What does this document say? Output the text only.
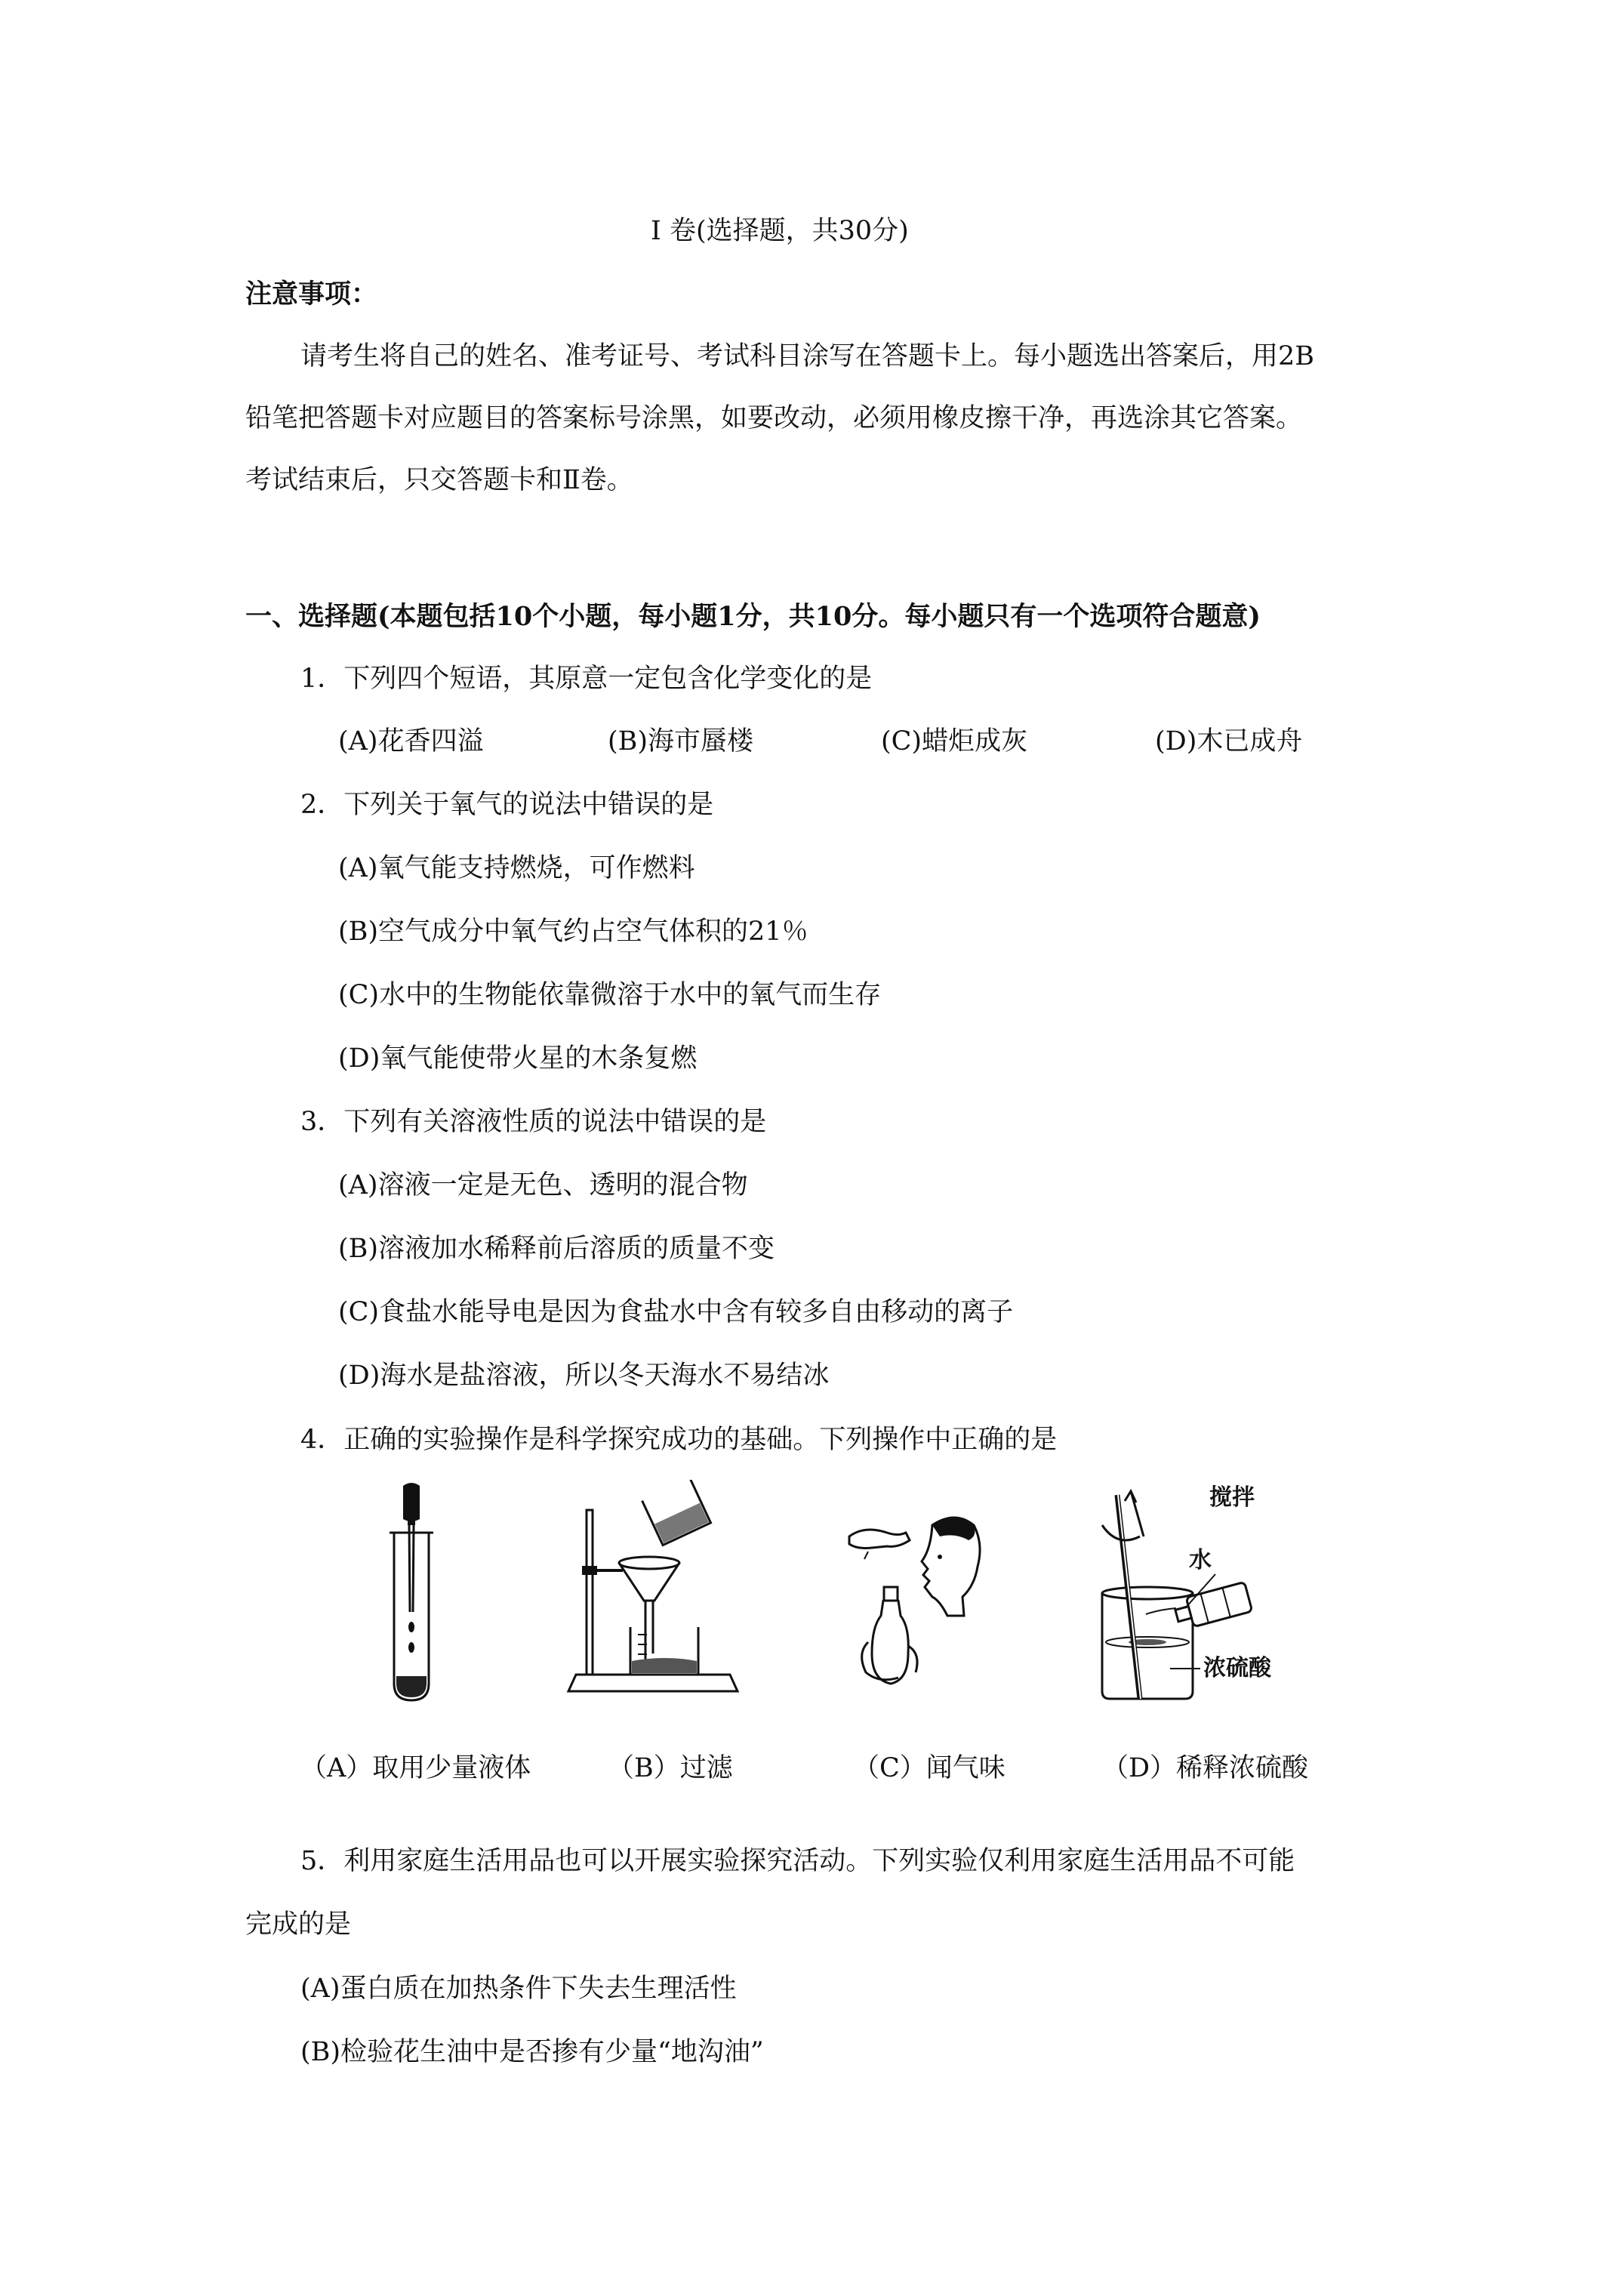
Ⅰ 卷(选择题，共30分)
注意事项：
请考生将自己的姓名、准考证号、考试科目涂写在答题卡上。每小题选出答案后，用2B
铅笔把答题卡对应题目的答案标号涂黑，如要改动，必须用橡皮擦干净，再选涂其它答案。
考试结束后，只交答题卡和Ⅱ卷。
一、选择题(本题包括10个小题，每小题1分，共10分。每小题只有一个选项符合题意)
1．下列四个短语，其原意一定包含化学变化的是
(A)花香四溢	(B)海市蜃楼	(C)蜡炬成灰	(D)木已成舟
2．下列关于氧气的说法中错误的是
(A)氧气能支持燃烧，可作燃料
(B)空气成分中氧气约占空气体积的21％
(C)水中的生物能依靠微溶于水中的氧气而生存
(D)氧气能使带火星的木条复燃
3．下列有关溶液性质的说法中错误的是
(A)溶液一定是无色、透明的混合物
(B)溶液加水稀释前后溶质的质量不变
(C)食盐水能导电是因为食盐水中含有较多自由移动的离子
(D)海水是盐溶液，所以冬天海水不易结冰
4．正确的实验操作是科学探究成功的基础。下列操作中正确的是
搅拌
水
浓硫酸
（A）取用少量液体	（B）过滤	（C）闻气味	（D）稀释浓硫酸
5．利用家庭生活用品也可以开展实验探究活动。下列实验仅利用家庭生活用品不可能
完成的是
(A)蛋白质在加热条件下失去生理活性
(B)检验花生油中是否掺有少量“地沟油”
